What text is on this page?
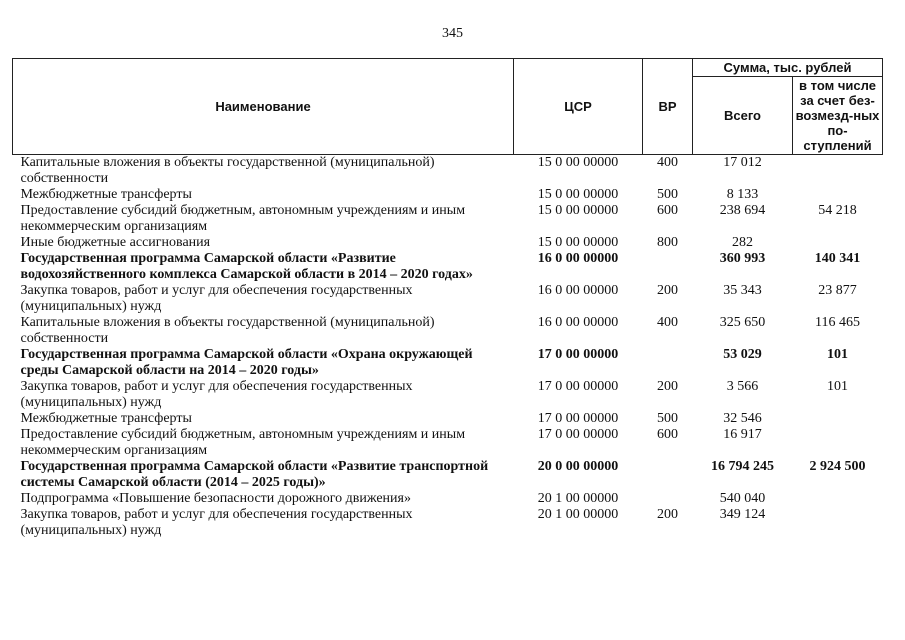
345
Наименование	ЦСР	ВР	Сумма, тыс. рублей	
			Всего	в том числе за счет без-возмезд-ных по-ступлений
Капитальные вложения в объекты государственной (муниципальной) собственности	15 0 00 00000	400	17 012	
Межбюджетные трансферты	15 0 00 00000	500	8 133	
Предоставление субсидий бюджетным, автономным учреждениям и иным некоммерческим организациям	15 0 00 00000	600	238 694	54 218
Иные бюджетные ассигнования	15 0 00 00000	800	282	
Государственная программа Самарской области «Развитие водохозяйственного комплекса Самарской области в 2014 – 2020 годах»	16 0 00 00000		360 993	140 341
Закупка товаров, работ и услуг для обеспечения государственных (муниципальных) нужд	16 0 00 00000	200	35 343	23 877
Капитальные вложения в объекты государственной (муниципальной) собственности	16 0 00 00000	400	325 650	116 465
Государственная программа Самарской области «Охрана окружающей среды Самарской области на 2014 – 2020 годы»	17 0 00 00000		53 029	101
Закупка товаров, работ и услуг для обеспечения государственных (муниципальных) нужд	17 0 00 00000	200	3 566	101
Межбюджетные трансферты	17 0 00 00000	500	32 546	
Предоставление субсидий бюджетным, автономным учреждениям и иным некоммерческим организациям	17 0 00 00000	600	16 917	
Государственная программа Самарской области «Развитие транспортной системы Самарской области (2014 – 2025 годы)»	20 0 00 00000		16 794 245	2 924 500
Подпрограмма «Повышение безопасности дорожного движения»	20 1 00 00000		540 040	
Закупка товаров, работ и услуг для обеспечения государственных (муниципальных) нужд	20 1 00 00000	200	349 124	
